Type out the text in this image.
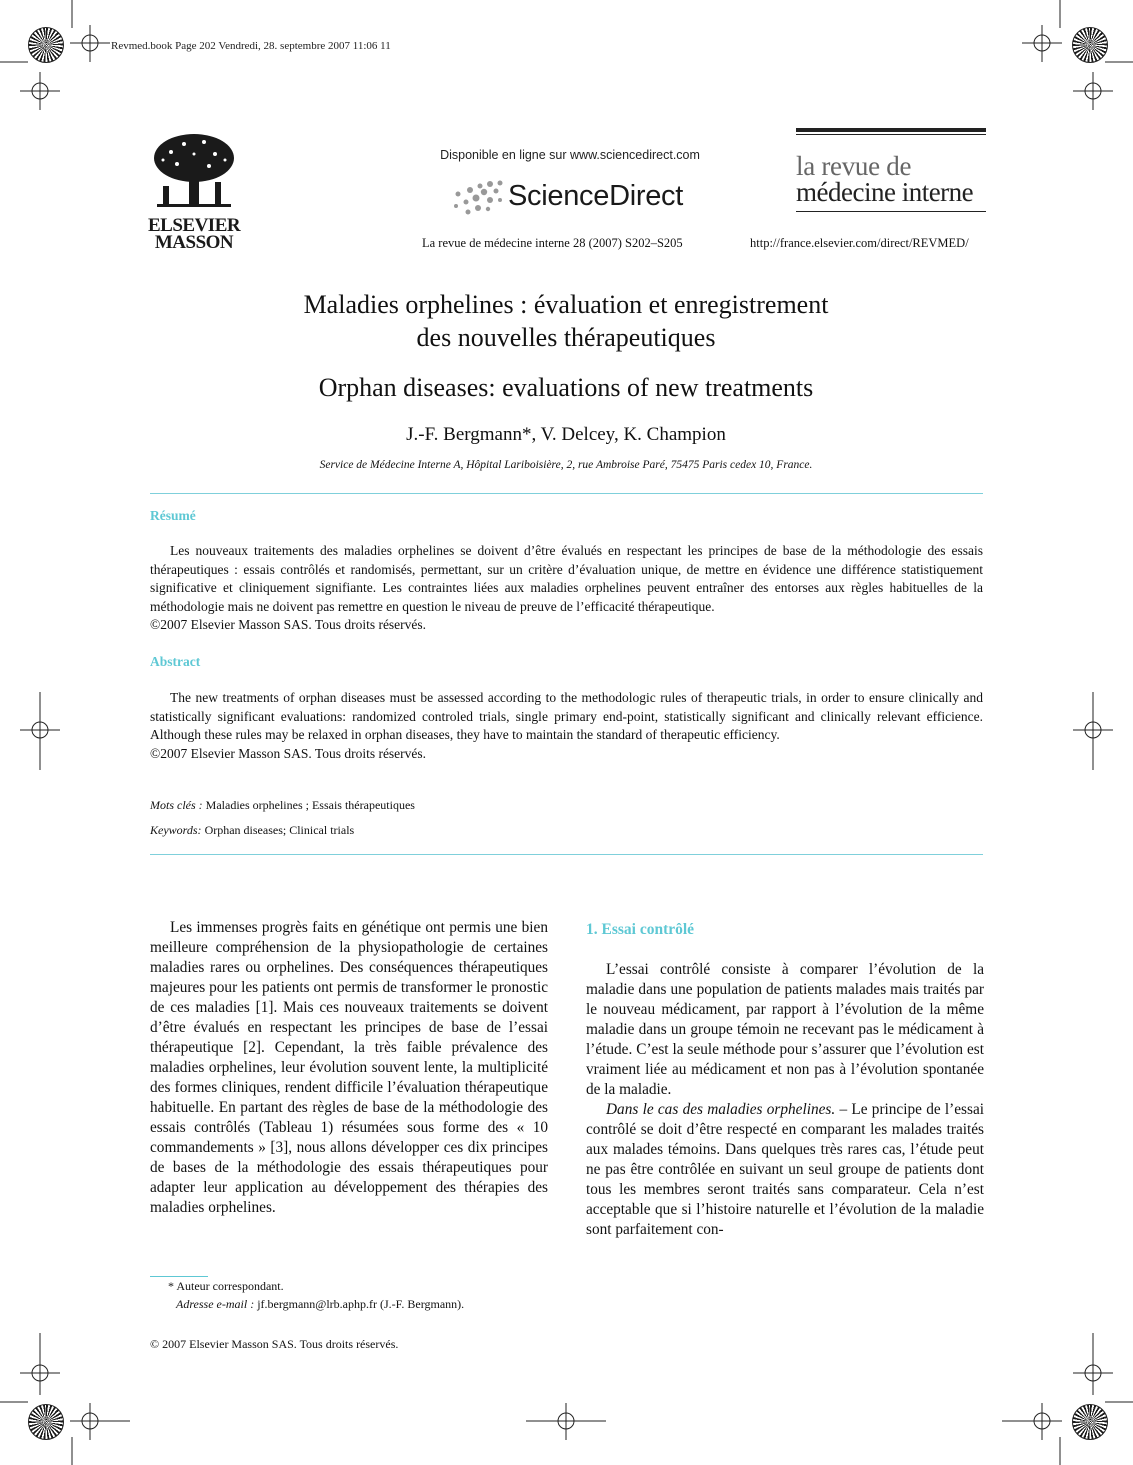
Revmed.book Page 202 Vendredi, 28. septembre 2007 11:06 11
ELSEVIER
MASSON
Disponible en ligne sur www.sciencedirect.com
ScienceDirect
La revue de médecine interne 28 (2007) S202–S205	http://france.elsevier.com/direct/REVMED/
la revue de
médecine interne
Maladies orphelines : évaluation et enregistrement
des nouvelles thérapeutiques
Orphan diseases: evaluations of new treatments
J.-F. Bergmann*, V. Delcey, K. Champion
Service de Médecine Interne A, Hôpital Lariboisière, 2, rue Ambroise Paré, 75475 Paris cedex 10, France.
Résumé

Les nouveaux traitements des maladies orphelines se doivent d’être évalués en respectant les principes de base de la méthodologie des essais thérapeutiques : essais contrôlés et randomisés, permettant, sur un critère d’évaluation unique, de mettre en évidence une différence statistiquement significative et cliniquement signifiante. Les contraintes liées aux maladies orphelines peuvent entraîner des entorses aux règles habituelles de la méthodologie mais ne doivent pas remettre en question le niveau de preuve de l’efficacité thérapeutique.

©2007 Elsevier Masson SAS. Tous droits réservés.

Abstract

The new treatments of orphan diseases must be assessed according to the methodologic rules of therapeutic trials, in order to ensure clinically and statistically significant evaluations: randomized controled trials, single primary end-point, statistically significant and clinically relevant efficience. Although these rules may be relaxed in orphan diseases, they have to maintain the standard of therapeutic efficiency.

©2007 Elsevier Masson SAS. Tous droits réservés.

Mots clés : Maladies orphelines ; Essais thérapeutiques
Keywords: Orphan diseases; Clinical trials

Les immenses progrès faits en génétique ont permis une bien meilleure compréhension de la physiopathologie de certaines maladies rares ou orphelines. Des conséquences thérapeutiques majeures pour les patients ont permis de transformer le pronostic de ces maladies [1]. Mais ces nouveaux traitements se doivent d’être évalués en respectant les principes de base de l’essai thérapeutique [2]. Cependant, la très faible prévalence des maladies orphelines, leur évolution souvent lente, la multiplicité des formes cliniques, rendent difficile l’évaluation thérapeutique habituelle. En partant des règles de base de la méthodologie des essais contrôlés (Tableau 1) résumées sous forme des « 10 commandements » [3], nous allons développer ces dix principes de bases de la méthodologie des essais thérapeutiques pour adapter leur application au développement des thérapies des maladies orphelines.

1. Essai contrôlé

L’essai contrôlé consiste à comparer l’évolution de la maladie dans une population de patients malades mais traités par le nouveau médicament, par rapport à l’évolution de la même maladie dans un groupe témoin ne recevant pas le médicament à l’étude. C’est la seule méthode pour s’assurer que l’évolution est vraiment liée au médicament et non pas à l’évolution spontanée de la maladie.

Dans le cas des maladies orphelines. – Le principe de l’essai contrôlé se doit d’être respecté en comparant les malades traités aux malades témoins. Dans quelques très rares cas, l’étude peut ne pas être contrôlée en suivant un seul groupe de patients dont tous les membres seront traités sans comparateur. Cela n’est acceptable que si l’histoire naturelle et l’évolution de la maladie sont parfaitement con-

* Auteur correspondant.
Adresse e-mail : jf.bergmann@lrb.aphp.fr (J.-F. Bergmann).
© 2007 Elsevier Masson SAS. Tous droits réservés.
